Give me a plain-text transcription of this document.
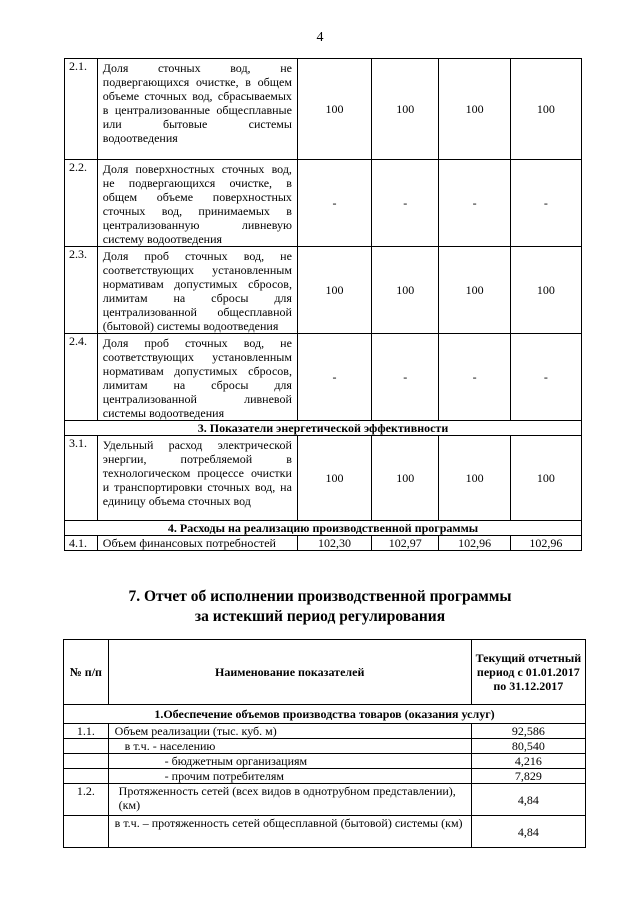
4
2.1.	Доля сточных вод, не подвергающихся очистке, в общем объеме сточных вод, сбрасываемых в централизованные общесплавные или бытовые системы водоотведения	100	100	100	100
2.2.	Доля поверхностных сточных вод, не подвергающихся очистке, в общем объеме поверхностных сточных вод, принимаемых в централизованную ливневую систему водоотведения	-	-	-	-
2.3.	Доля проб сточных вод, не соответствующих установленным нормативам допустимых сбросов, лимитам на сбросы для централизованной общесплавной (бытовой) системы водоотведения	100	100	100	100
2.4.	Доля проб сточных вод, не соответствующих установленным нормативам допустимых сбросов, лимитам на сбросы для централизованной ливневой системы водоотведения	-	-	-	-
3. Показатели энергетической эффективности					
3.1.	Удельный расход электрической энергии, потребляемой в технологическом процессе очистки и транспортировки сточных вод, на единицу объема сточных вод	100	100	100	100
4. Расходы на реализацию производственной программы					
4.1.	Объем финансовых потребностей	102,30	102,97	102,96	102,96
7. Отчет об исполнении производственной программы
за истекший период регулирования
№ п/п	Наименование показателей	Текущий отчетный период с 01.01.2017 по 31.12.2017
1.Обеспечение объемов производства товаров (оказания услуг)		
1.1.	Объем реализации (тыс. куб. м)	92,586
	в т.ч. - населению	80,540
	- бюджетным организациям	4,216
	- прочим потребителям	7,829
1.2.	Протяженность сетей (всех видов в однотрубном представлении), (км)	4,84
	в т.ч. – протяженность сетей общесплавной (бытовой) системы (км)	4,84
